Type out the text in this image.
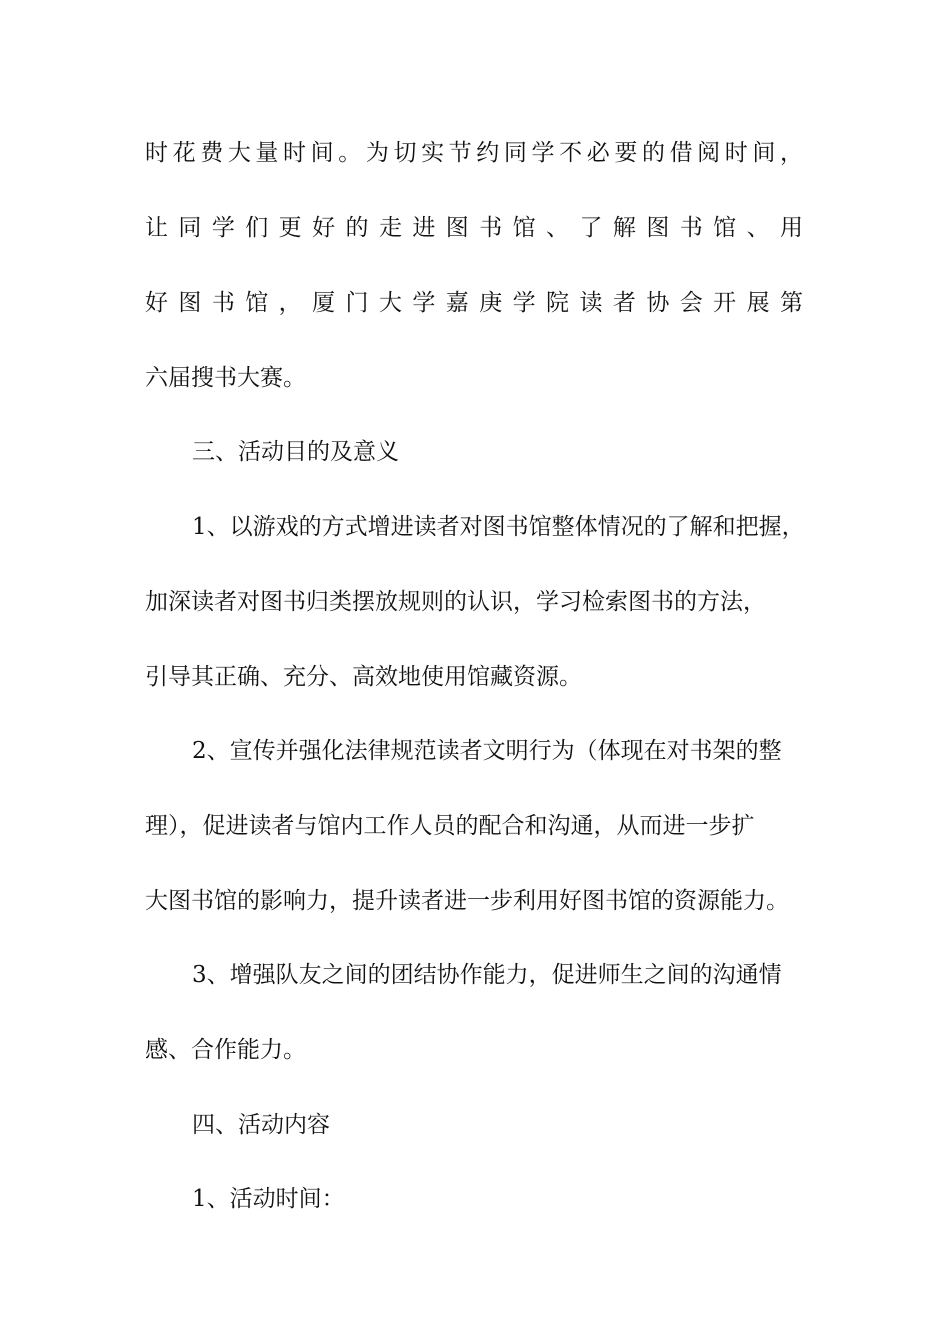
时花费大量时间。为切实节约同学不必要的借阅时间，
让同学们更好的走进图书馆、了解图书馆、用
好图书馆，厦门大学嘉庚学院读者协会开展第
六届搜书大赛。
三、活动目的及意义
1、以游戏的方式增进读者对图书馆整体情况的了解和把握，
加深读者对图书归类摆放规则的认识，学习检索图书的方法，
引导其正确、充分、高效地使用馆藏资源。
2、宣传并强化法律规范读者文明行为（体现在对书架的整
理），促进读者与馆内工作人员的配合和沟通，从而进一步扩
大图书馆的影响力，提升读者进一步利用好图书馆的资源能力。
3、增强队友之间的团结协作能力，促进师生之间的沟通情
感、合作能力。
四、活动内容
1、活动时间：
